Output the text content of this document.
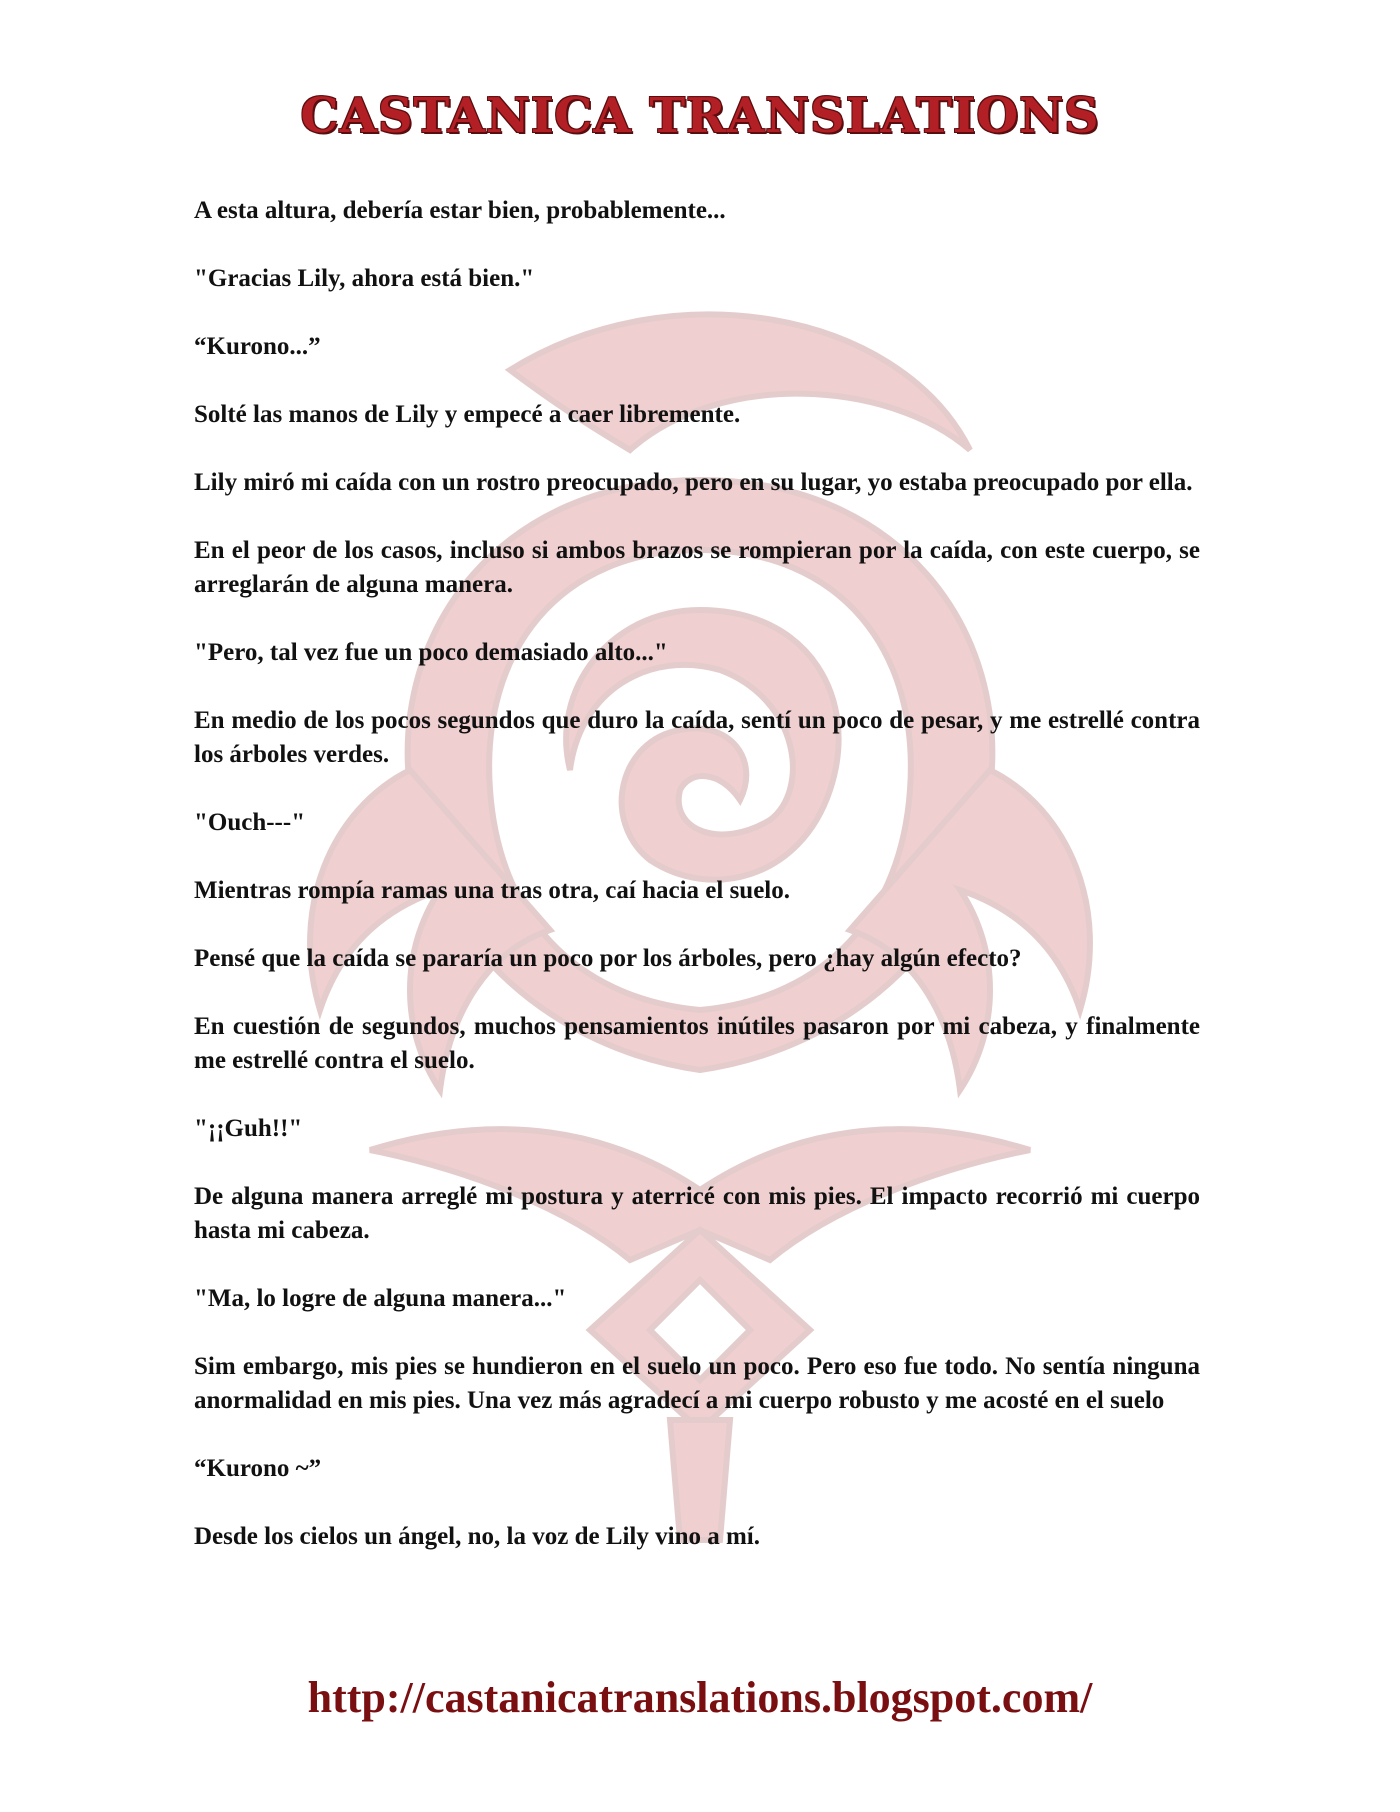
CASTANICA TRANSLATIONS

A esta altura, debería estar bien, probablemente...

"Gracias Lily, ahora está bien."

“Kurono...”

Solté las manos de Lily y empecé a caer libremente.

Lily miró mi caída con un rostro preocupado, pero en su lugar, yo estaba preocupado por ella.

En el peor de los casos, incluso si ambos brazos se rompieran por la caída, con este cuerpo, se arreglarán de alguna manera.

"Pero, tal vez fue un poco demasiado alto..."

En medio de los pocos segundos que duro la caída, sentí un poco de pesar, y me estrellé contra los árboles verdes.

"Ouch---"

Mientras rompía ramas una tras otra, caí hacia el suelo.

Pensé que la caída se pararía un poco por los árboles, pero ¿hay algún efecto?

En cuestión de segundos, muchos pensamientos inútiles pasaron por mi cabeza, y finalmente me estrellé contra el suelo.

"¡¡Guh!!"

De alguna manera arreglé mi postura y aterricé con mis pies. El impacto recorrió mi cuerpo hasta mi cabeza.

"Ma, lo logre de alguna manera..."

Sim embargo, mis pies se hundieron en el suelo un poco. Pero eso fue todo. No sentía ninguna anormalidad en mis pies. Una vez más agradecí a mi cuerpo robusto y me acosté en el suelo

“Kurono ~”

Desde los cielos un ángel, no, la voz de Lily vino a mí.

http://castanicatranslations.blogspot.com/
